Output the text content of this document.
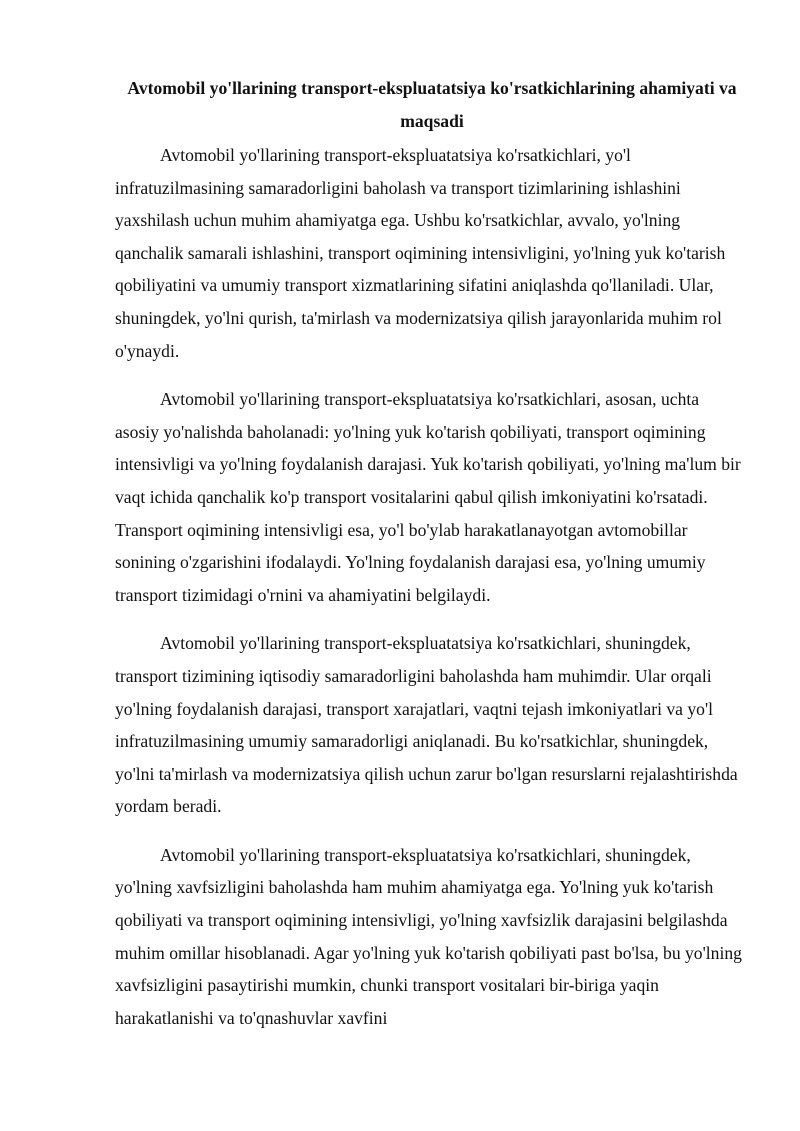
Avtomobil yo'llarining transport-ekspluatatsiya ko'rsatkichlarining ahamiyati va maqsadi

Avtomobil yo'llarining transport-ekspluatatsiya ko'rsatkichlari, yo'l infratuzilmasining samaradorligini baholash va transport tizimlarining ishlashini yaxshilash uchun muhim ahamiyatga ega. Ushbu ko'rsatkichlar, avvalo, yo'lning qanchalik samarali ishlashini, transport oqimining intensivligini, yo'lning yuk ko'tarish qobiliyatini va umumiy transport xizmatlarining sifatini aniqlashda qo'llaniladi. Ular, shuningdek, yo'lni qurish, ta'mirlash va modernizatsiya qilish jarayonlarida muhim rol o'ynaydi.

Avtomobil yo'llarining transport-ekspluatatsiya ko'rsatkichlari, asosan, uchta asosiy yo'nalishda baholanadi: yo'lning yuk ko'tarish qobiliyati, transport oqimining intensivligi va yo'lning foydalanish darajasi. Yuk ko'tarish qobiliyati, yo'lning ma'lum bir vaqt ichida qanchalik ko'p transport vositalarini qabul qilish imkoniyatini ko'rsatadi. Transport oqimining intensivligi esa, yo'l bo'ylab harakatlanayotgan avtomobillar sonining o'zgarishini ifodalaydi. Yo'lning foydalanish darajasi esa, yo'lning umumiy transport tizimidagi o'rnini va ahamiyatini belgilaydi.

Avtomobil yo'llarining transport-ekspluatatsiya ko'rsatkichlari, shuningdek, transport tizimining iqtisodiy samaradorligini baholashda ham muhimdir. Ular orqali yo'lning foydalanish darajasi, transport xarajatlari, vaqtni tejash imkoniyatlari va yo'l infratuzilmasining umumiy samaradorligi aniqlanadi. Bu ko'rsatkichlar, shuningdek, yo'lni ta'mirlash va modernizatsiya qilish uchun zarur bo'lgan resurslarni rejalashtirishda yordam beradi.

Avtomobil yo'llarining transport-ekspluatatsiya ko'rsatkichlari, shuningdek, yo'lning xavfsizligini baholashda ham muhim ahamiyatga ega. Yo'lning yuk ko'tarish qobiliyati va transport oqimining intensivligi, yo'lning xavfsizlik darajasini belgilashda muhim omillar hisoblanadi. Agar yo'lning yuk ko'tarish qobiliyati past bo'lsa, bu yo'lning xavfsizligini pasaytirishi mumkin, chunki transport vositalari bir-biriga yaqin harakatlanishi va to'qnashuvlar xavfini
